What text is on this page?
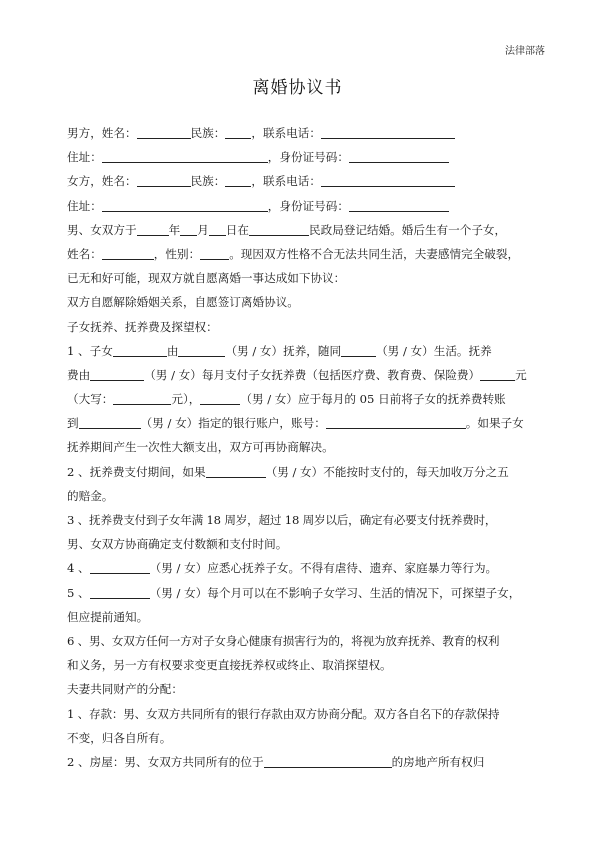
法律部落
离婚协议书
男方，姓名：	民族： ，联系电话：
住址：	，身份证号码：
女方，姓名：	民族： ，联系电话：
住址：	，身份证号码：
男、女双方于	年 月 日在	民政局登记结婚。婚后生有一个子女，
姓名：	，性别：	。现因双方性格不合无法共同生活，夫妻感情完全破裂，
已无和好可能，现双方就自愿离婚一事达成如下协议：
双方自愿解除婚姻关系，自愿签订离婚协议。
子女抚养、抚养费及探望权：
1 、子女	由	（男 / 女）抚养，随同	（男 / 女）生活。抚养
费由	（男 / 女）每月支付子女抚养费（包括医疗费、教育费、保险费）	元
（大写：	元），	（男 / 女）应于每月的 05 日前将子女的抚养费转账
到	（男 / 女）指定的银行账户，账号：	。如果子女
抚养期间产生一次性大额支出，双方可再协商解决。
2 、抚养费支付期间，如果	（男 / 女）不能按时支付的，每天加收万分之五
的赔金。
3 、抚养费支付到子女年满 18 周岁，超过 18 周岁以后，确定有必要支付抚养费时，
男、女双方协商确定支付数额和支付时间。
4 、	（男 / 女）应悉心抚养子女。不得有虐待、遗弃、家庭暴力等行为。
5 、	（男 / 女）每个月可以在不影响子女学习、生活的情况下，可探望子女，
但应提前通知。
6 、男、女双方任何一方对子女身心健康有损害行为的，将视为放弃抚养、教育的权利
和义务，另一方有权要求变更直接抚养权或终止、取消探望权。
夫妻共同财产的分配：
1 、存款：男、女双方共同所有的银行存款由双方协商分配。双方各自名下的存款保持
不变，归各自所有。
2 、房屋：男、女双方共同所有的位于	的房地产所有权归
